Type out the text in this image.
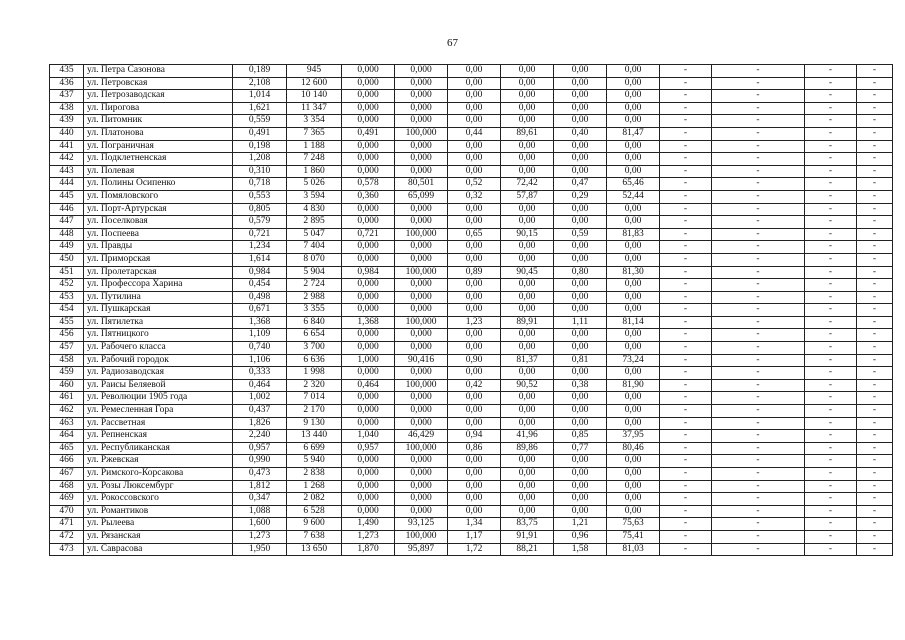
67
435	ул. Петра Сазонова	0,189	945	0,000	0,000	0,00	0,00	0,00	0,00	-	-	-	-
436	ул. Петровская	2,108	12 600	0,000	0,000	0,00	0,00	0,00	0,00	-	-	-	-
437	ул. Петрозаводская	1,014	10 140	0,000	0,000	0,00	0,00	0,00	0,00	-	-	-	-
438	ул. Пирогова	1,621	11 347	0,000	0,000	0,00	0,00	0,00	0,00	-	-	-	-
439	ул. Питомник	0,559	3 354	0,000	0,000	0,00	0,00	0,00	0,00	-	-	-	-
440	ул. Платонова	0,491	7 365	0,491	100,000	0,44	89,61	0,40	81,47	-	-	-	-
441	ул. Пограничная	0,198	1 188	0,000	0,000	0,00	0,00	0,00	0,00	-	-	-	-
442	ул. Подклетненская	1,208	7 248	0,000	0,000	0,00	0,00	0,00	0,00	-	-	-	-
443	ул. Полевая	0,310	1 860	0,000	0,000	0,00	0,00	0,00	0,00	-	-	-	-
444	ул. Полины Осипенко	0,718	5 026	0,578	80,501	0,52	72,42	0,47	65,46	-	-	-	-
445	ул. Помяловского	0,553	3 594	0,360	65,099	0,32	57,87	0,29	52,44	-	-	-	-
446	ул. Порт-Артурская	0,805	4 830	0,000	0,000	0,00	0,00	0,00	0,00	-	-	-	-
447	ул. Поселковая	0,579	2 895	0,000	0,000	0,00	0,00	0,00	0,00	-	-	-	-
448	ул. Поспеева	0,721	5 047	0,721	100,000	0,65	90,15	0,59	81,83	-	-	-	-
449	ул. Правды	1,234	7 404	0,000	0,000	0,00	0,00	0,00	0,00	-	-	-	-
450	ул. Приморская	1,614	8 070	0,000	0,000	0,00	0,00	0,00	0,00	-	-	-	-
451	ул. Пролетарская	0,984	5 904	0,984	100,000	0,89	90,45	0,80	81,30	-	-	-	-
452	ул. Профессора Харина	0,454	2 724	0,000	0,000	0,00	0,00	0,00	0,00	-	-	-	-
453	ул. Путилина	0,498	2 988	0,000	0,000	0,00	0,00	0,00	0,00	-	-	-	-
454	ул. Пушкарская	0,671	3 355	0,000	0,000	0,00	0,00	0,00	0,00	-	-	-	-
455	ул. Пятилетка	1,368	6 840	1,368	100,000	1,23	89,91	1,11	81,14	-	-	-	-
456	ул. Пятницкого	1,109	6 654	0,000	0,000	0,00	0,00	0,00	0,00	-	-	-	-
457	ул. Рабочего класса	0,740	3 700	0,000	0,000	0,00	0,00	0,00	0,00	-	-	-	-
458	ул. Рабочий городок	1,106	6 636	1,000	90,416	0,90	81,37	0,81	73,24	-	-	-	-
459	ул. Радиозаводская	0,333	1 998	0,000	0,000	0,00	0,00	0,00	0,00	-	-	-	-
460	ул. Раисы Беляевой	0,464	2 320	0,464	100,000	0,42	90,52	0,38	81,90	-	-	-	-
461	ул. Революции 1905 года	1,002	7 014	0,000	0,000	0,00	0,00	0,00	0,00	-	-	-	-
462	ул. Ремесленная Гора	0,437	2 170	0,000	0,000	0,00	0,00	0,00	0,00	-	-	-	-
463	ул. Рассветная	1,826	9 130	0,000	0,000	0,00	0,00	0,00	0,00	-	-	-	-
464	ул. Репненская	2,240	13 440	1,040	46,429	0,94	41,96	0,85	37,95	-	-	-	-
465	ул. Республиканская	0,957	6 699	0,957	100,000	0,86	89,86	0,77	80,46	-	-	-	-
466	ул. Ржевская	0,990	5 940	0,000	0,000	0,00	0,00	0,00	0,00	-	-	-	-
467	ул. Римского-Корсакова	0,473	2 838	0,000	0,000	0,00	0,00	0,00	0,00	-	-	-	-
468	ул. Розы Люксембург	1,812	1 268	0,000	0,000	0,00	0,00	0,00	0,00	-	-	-	-
469	ул. Рокоссовского	0,347	2 082	0,000	0,000	0,00	0,00	0,00	0,00	-	-	-	-
470	ул. Романтиков	1,088	6 528	0,000	0,000	0,00	0,00	0,00	0,00	-	-	-	-
471	ул. Рылеева	1,600	9 600	1,490	93,125	1,34	83,75	1,21	75,63	-	-	-	-
472	ул. Рязанская	1,273	7 638	1,273	100,000	1,17	91,91	0,96	75,41	-	-	-	-
473	ул. Саврасова	1,950	13 650	1,870	95,897	1,72	88,21	1,58	81,03	-	-	-	-
